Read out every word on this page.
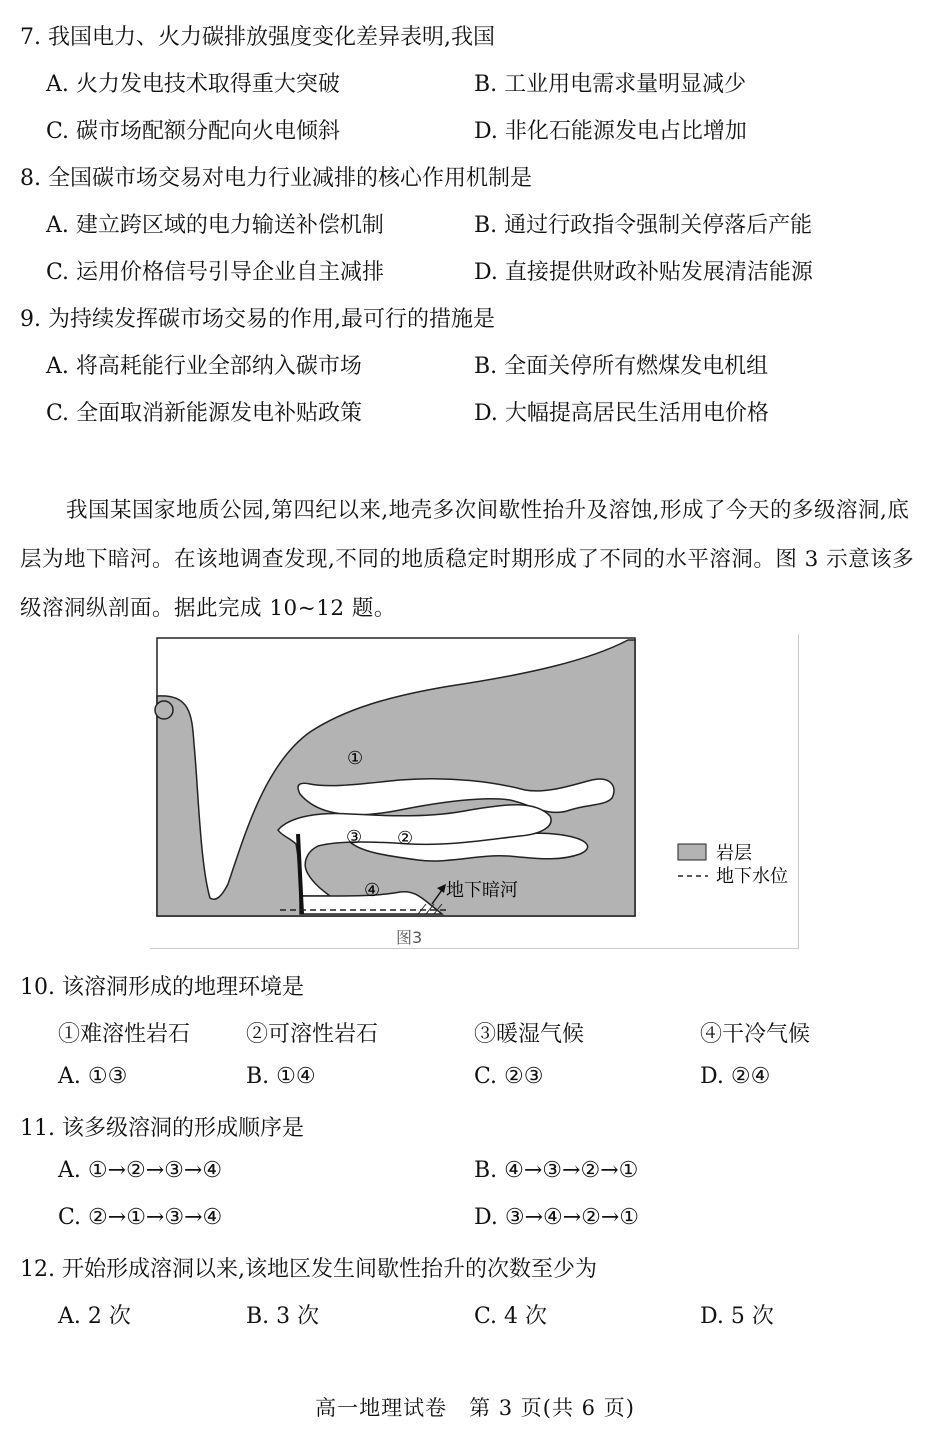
7. 我国电力、火力碳排放强度变化差异表明,我国
A. 火力发电技术取得重大突破	B. 工业用电需求量明显减少
C. 碳市场配额分配向火电倾斜	D. 非化石能源发电占比增加
8. 全国碳市场交易对电力行业减排的核心作用机制是
A. 建立跨区域的电力输送补偿机制	B. 通过行政指令强制关停落后产能
C. 运用价格信号引导企业自主减排	D. 直接提供财政补贴发展清洁能源
9. 为持续发挥碳市场交易的作用,最可行的措施是
A. 将高耗能行业全部纳入碳市场	B. 全面关停所有燃煤发电机组
C. 全面取消新能源发电补贴政策	D. 大幅提高居民生活用电价格
我国某国家地质公园,第四纪以来,地壳多次间歇性抬升及溶蚀,形成了今天的多级溶洞,底层为地下暗河。在该地调查发现,不同的地质稳定时期形成了不同的水平溶洞。图 3 示意该多级溶洞纵剖面。据此完成 10~12 题。
①
②
③
④	地下暗河
岩层
地下水位
图3
10. 该溶洞形成的地理环境是
①难溶性岩石	②可溶性岩石	③暖湿气候	④干冷气候
A. ①③	B. ①④	C. ②③	D. ②④
11. 该多级溶洞的形成顺序是
A. ①→②→③→④	B. ④→③→②→①
C. ②→①→③→④	D. ③→④→②→①
12. 开始形成溶洞以来,该地区发生间歇性抬升的次数至少为
A. 2 次	B. 3 次	C. 4 次	D. 5 次
高一地理试卷　第 3 页(共 6 页)
